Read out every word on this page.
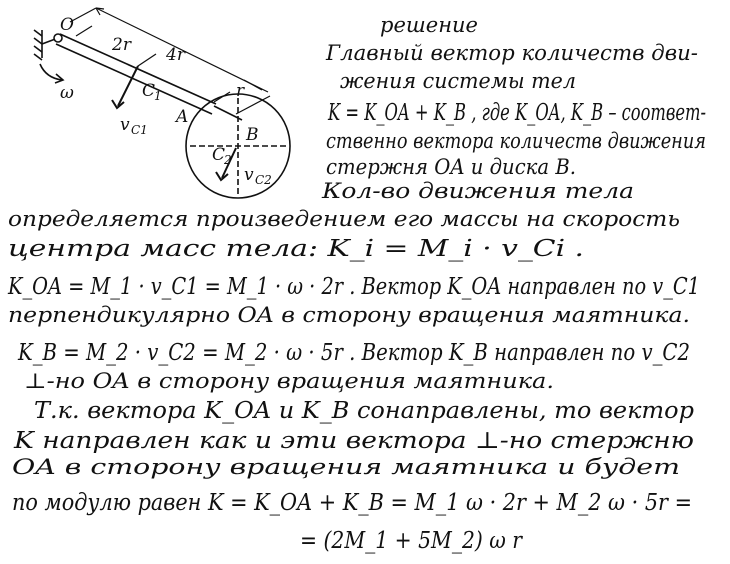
O
C
1
A
B
C
2
ω
v C1
v C2
2r 4r
r
решение
Главный вектор количеств дви-
жения системы тел
K = K_OA + K_B , где K_OA, K_B – соответ-
ственно вектора количеств движения
стержня OA и диска B.
Кол-во движения тела
определяется произведением его массы на скорость
центра масс тела: K_i = M_i · v_Ci .
K_OA = M_1 · v_C1 = M_1 · ω · 2r . Вектор K_OA направлен по v_C1
перпендикулярно OA в сторону вращения маятника.
K_B = M_2 · v_C2 = M_2 · ω · 5r . Вектор K_B направлен по v_C2
⊥-но OA в сторону вращения маятника.
Т.к. вектора K_OA и K_B сонаправлены, то вектор
K направлен как и эти вектора ⊥-но стержню
OA в сторону вращения маятника и будет
по модулю равен K = K_OA + K_B = M_1 ω · 2r + M_2 ω · 5r =
= (2M_1 + 5M_2) ω r
